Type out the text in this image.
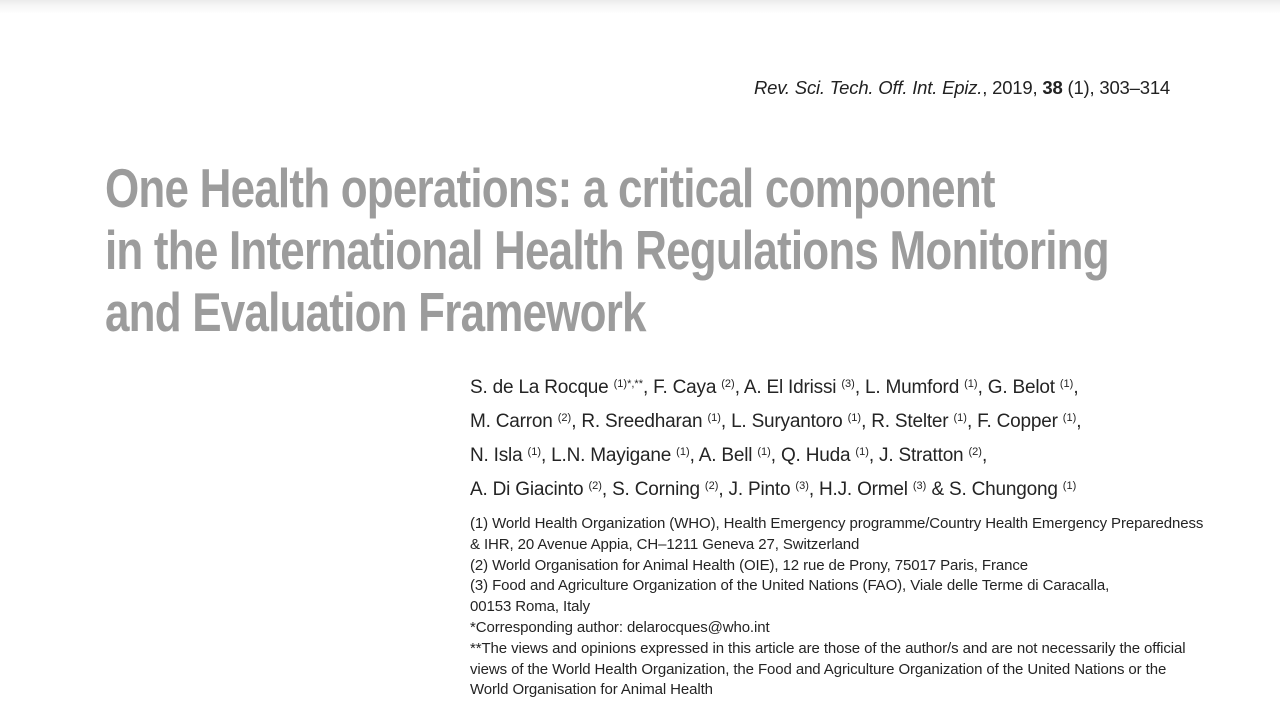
Rev. Sci. Tech. Off. Int. Epiz., 2019, 38 (1), 303–314
One Health operations: a critical component
in the International Health Regulations Monitoring
and Evaluation Framework
S. de La Rocque $^{(1)*,**}$, F. Caya $^{(2)}$, A. El Idrissi $^{(3)}$, L. Mumford $^{(1)}$, G. Belot $^{(1)}$,
M. Carron $^{(2)}$, R. Sreedharan $^{(1)}$, L. Suryantoro $^{(1)}$, R. Stelter $^{(1)}$, F. Copper $^{(1)}$,
N. Isla $^{(1)}$, L.N. Mayigane $^{(1)}$, A. Bell $^{(1)}$, Q. Huda $^{(1)}$, J. Stratton $^{(2)}$,
A. Di Giacinto $^{(2)}$, S. Corning $^{(2)}$, J. Pinto $^{(3)}$, H.J. Ormel $^{(3)}$ & S. Chungong $^{(1)}$
(1) World Health Organization (WHO), Health Emergency programme/Country Health Emergency Preparedness
& IHR, 20 Avenue Appia, CH–1211 Geneva 27, Switzerland
(2) World Organisation for Animal Health (OIE), 12 rue de Prony, 75017 Paris, France
(3) Food and Agriculture Organization of the United Nations (FAO), Viale delle Terme di Caracalla,
00153 Roma, Italy
*Corresponding author: delarocques@who.int
**The views and opinions expressed in this article are those of the author/s and are not necessarily the official
views of the World Health Organization, the Food and Agriculture Organization of the United Nations or the
World Organisation for Animal Health
